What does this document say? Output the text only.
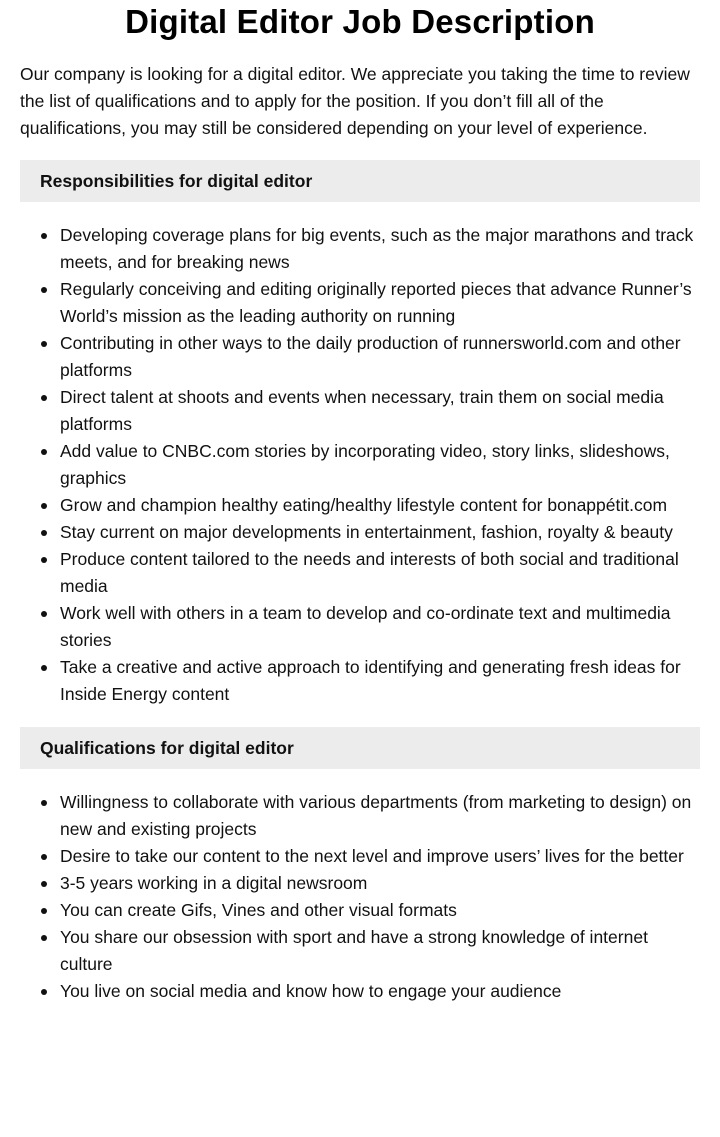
Digital Editor Job Description

Our company is looking for a digital editor. We appreciate you taking the time to review the list of qualifications and to apply for the position. If you don’t fill all of the qualifications, you may still be considered depending on your level of experience.

Responsibilities for digital editor
Developing coverage plans for big events, such as the major marathons and track meets, and for breaking news
Regularly conceiving and editing originally reported pieces that advance Runner’s World’s mission as the leading authority on running
Contributing in other ways to the daily production of runnersworld.com and other platforms
Direct talent at shoots and events when necessary, train them on social media platforms
Add value to CNBC.com stories by incorporating video, story links, slideshows, graphics
Grow and champion healthy eating/healthy lifestyle content for bonappétit.com
Stay current on major developments in entertainment, fashion, royalty & beauty
Produce content tailored to the needs and interests of both social and traditional media
Work well with others in a team to develop and co-ordinate text and multimedia stories
Take a creative and active approach to identifying and generating fresh ideas for Inside Energy content
Qualifications for digital editor
Willingness to collaborate with various departments (from marketing to design) on new and existing projects
Desire to take our content to the next level and improve users’ lives for the better
3-5 years working in a digital newsroom
You can create Gifs, Vines and other visual formats
You share our obsession with sport and have a strong knowledge of internet culture
You live on social media and know how to engage your audience
